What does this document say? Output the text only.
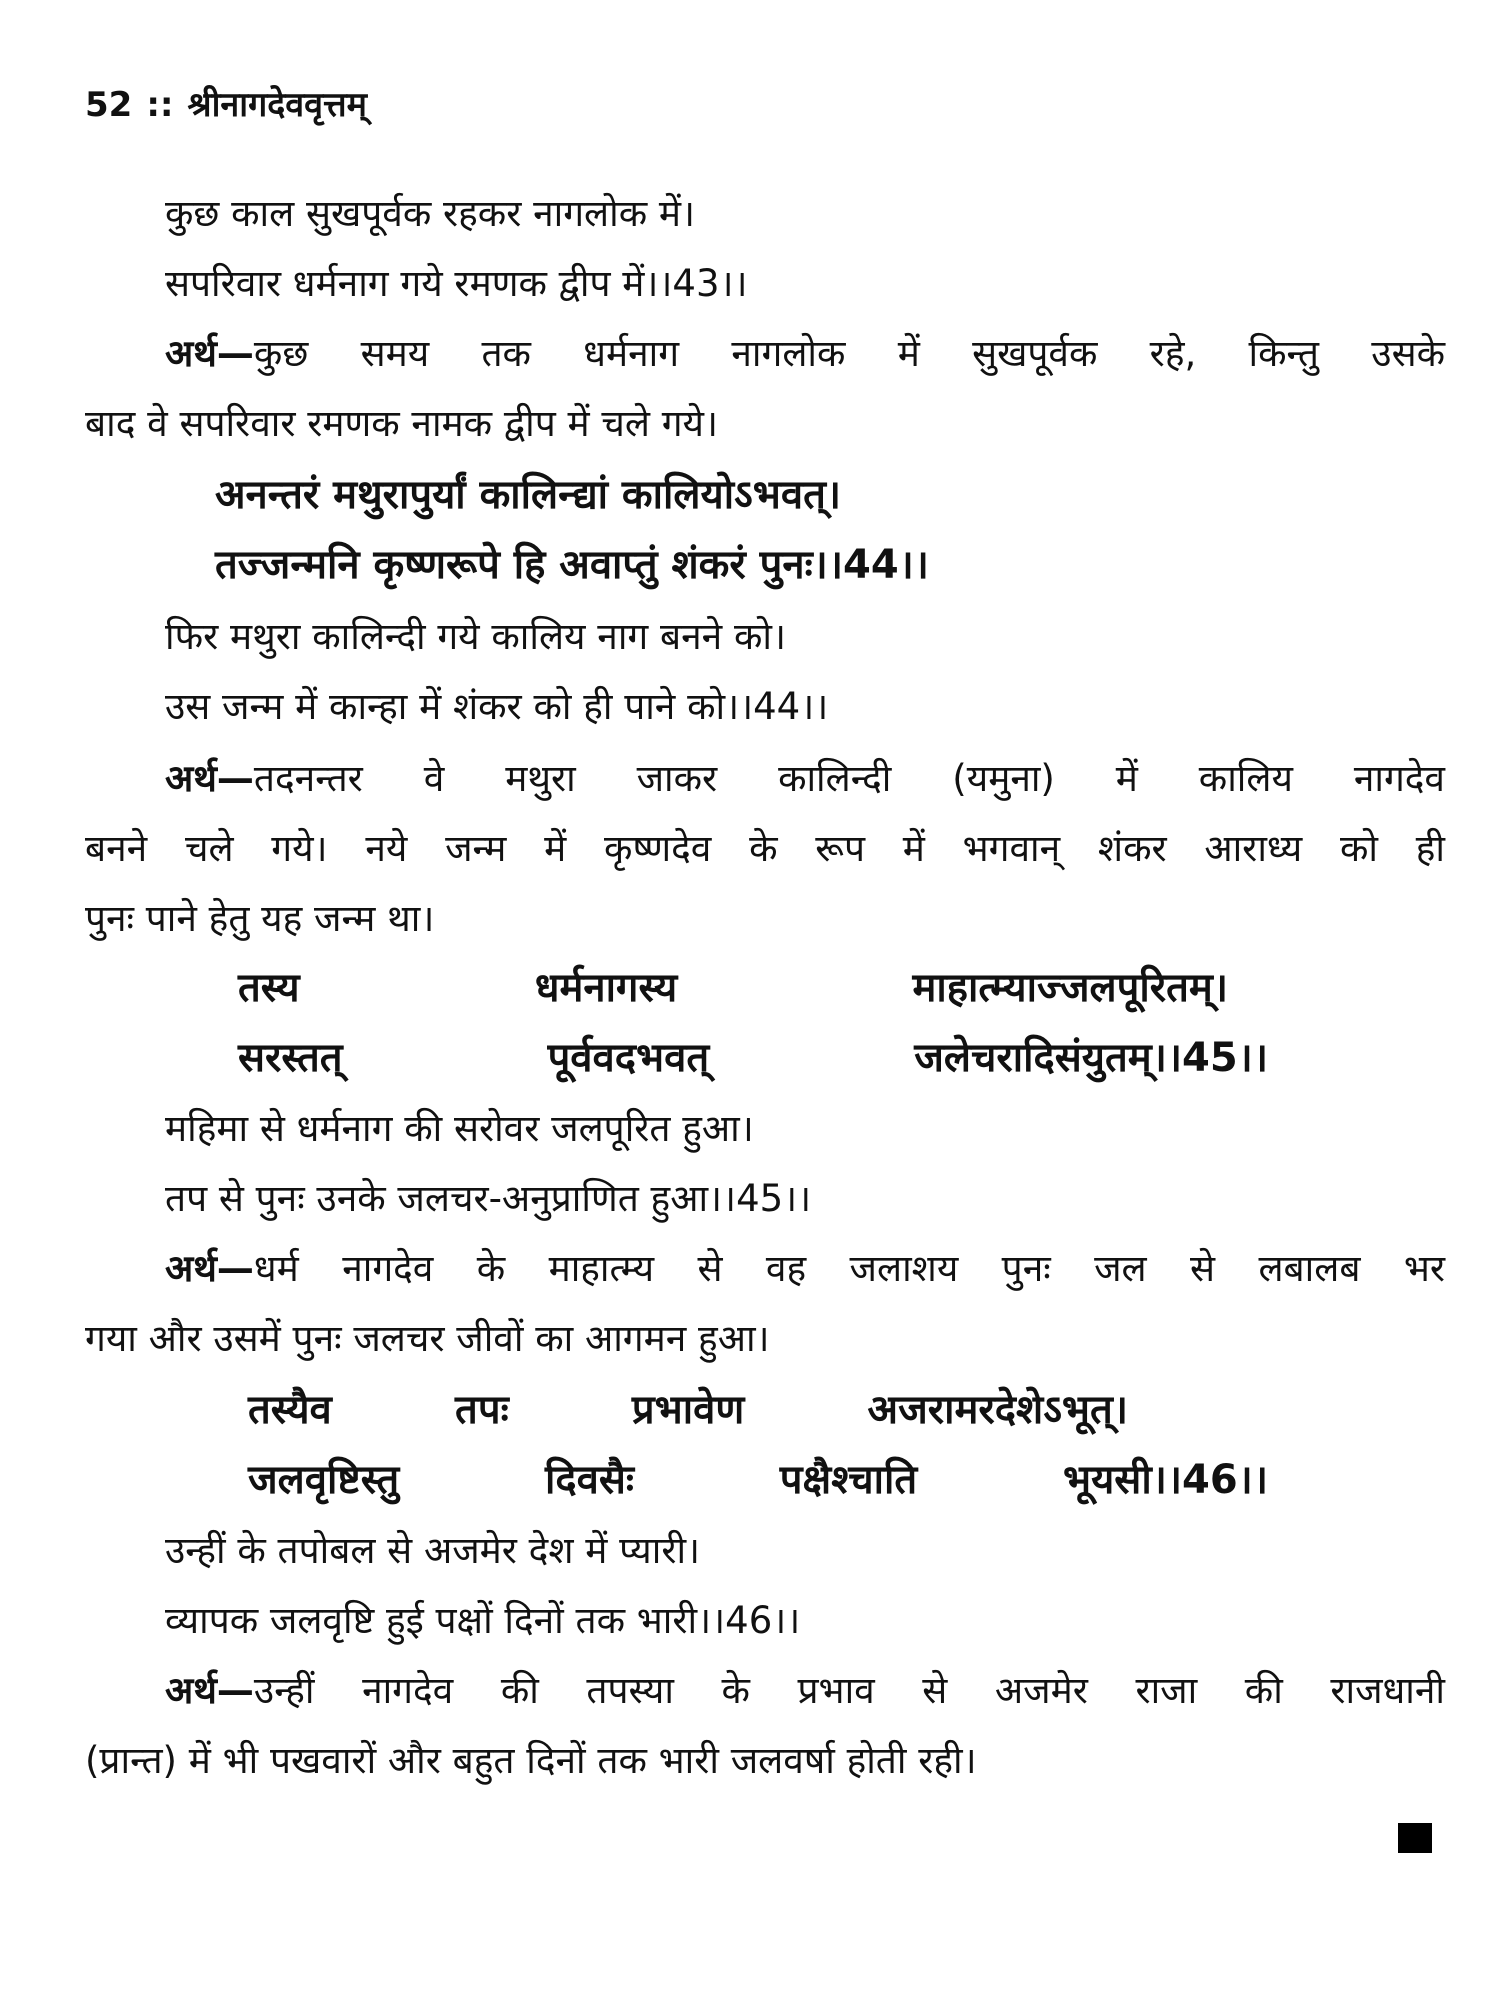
52 :: श्रीनागदेववृत्तम्
कुछ काल सुखपूर्वक रहकर नागलोक में।
सपरिवार धर्मनाग गये रमणक द्वीप में।।43।।
अर्थ—कुछ समय तक धर्मनाग नागलोक में सुखपूर्वक रहे, किन्तु उसके
बाद वे सपरिवार रमणक नामक द्वीप में चले गये।
अनन्तरं मथुरापुर्यां कालिन्द्यां कालियोऽभवत्।
तज्जन्मनि कृष्णरूपे हि अवाप्तुं शंकरं पुनः।।44।।
फिर मथुरा कालिन्दी गये कालिय नाग बनने को।
उस जन्म में कान्हा में शंकर को ही पाने को।।44।।
अर्थ—तदनन्तर वे मथुरा जाकर कालिन्दी (यमुना) में कालिय नागदेव
बनने चले गये। नये जन्म में कृष्णदेव के रूप में भगवान् शंकर आराध्य को ही
पुनः पाने हेतु यह जन्म था।
तस्य धर्मनागस्य माहात्म्याज्जलपूरितम्।
सरस्तत् पूर्ववदभवत् जलेचरादिसंयुतम्।।45।।
महिमा से धर्मनाग की सरोवर जलपूरित हुआ।
तप से पुनः उनके जलचर-अनुप्राणित हुआ।।45।।
अर्थ—धर्म नागदेव के माहात्म्य से वह जलाशय पुनः जल से लबालब भर
गया और उसमें पुनः जलचर जीवों का आगमन हुआ।
तस्यैव तपः प्रभावेण अजरामरदेशेऽभूत्।
जलवृष्टिस्तु दिवसैः पक्षैश्चाति भूयसी।।46।।
उन्हीं के तपोबल से अजमेर देश में प्यारी।
व्यापक जलवृष्टि हुई पक्षों दिनों तक भारी।।46।।
अर्थ—उन्हीं नागदेव की तपस्या के प्रभाव से अजमेर राजा की राजधानी
(प्रान्त) में भी पखवारों और बहुत दिनों तक भारी जलवर्षा होती रही।
